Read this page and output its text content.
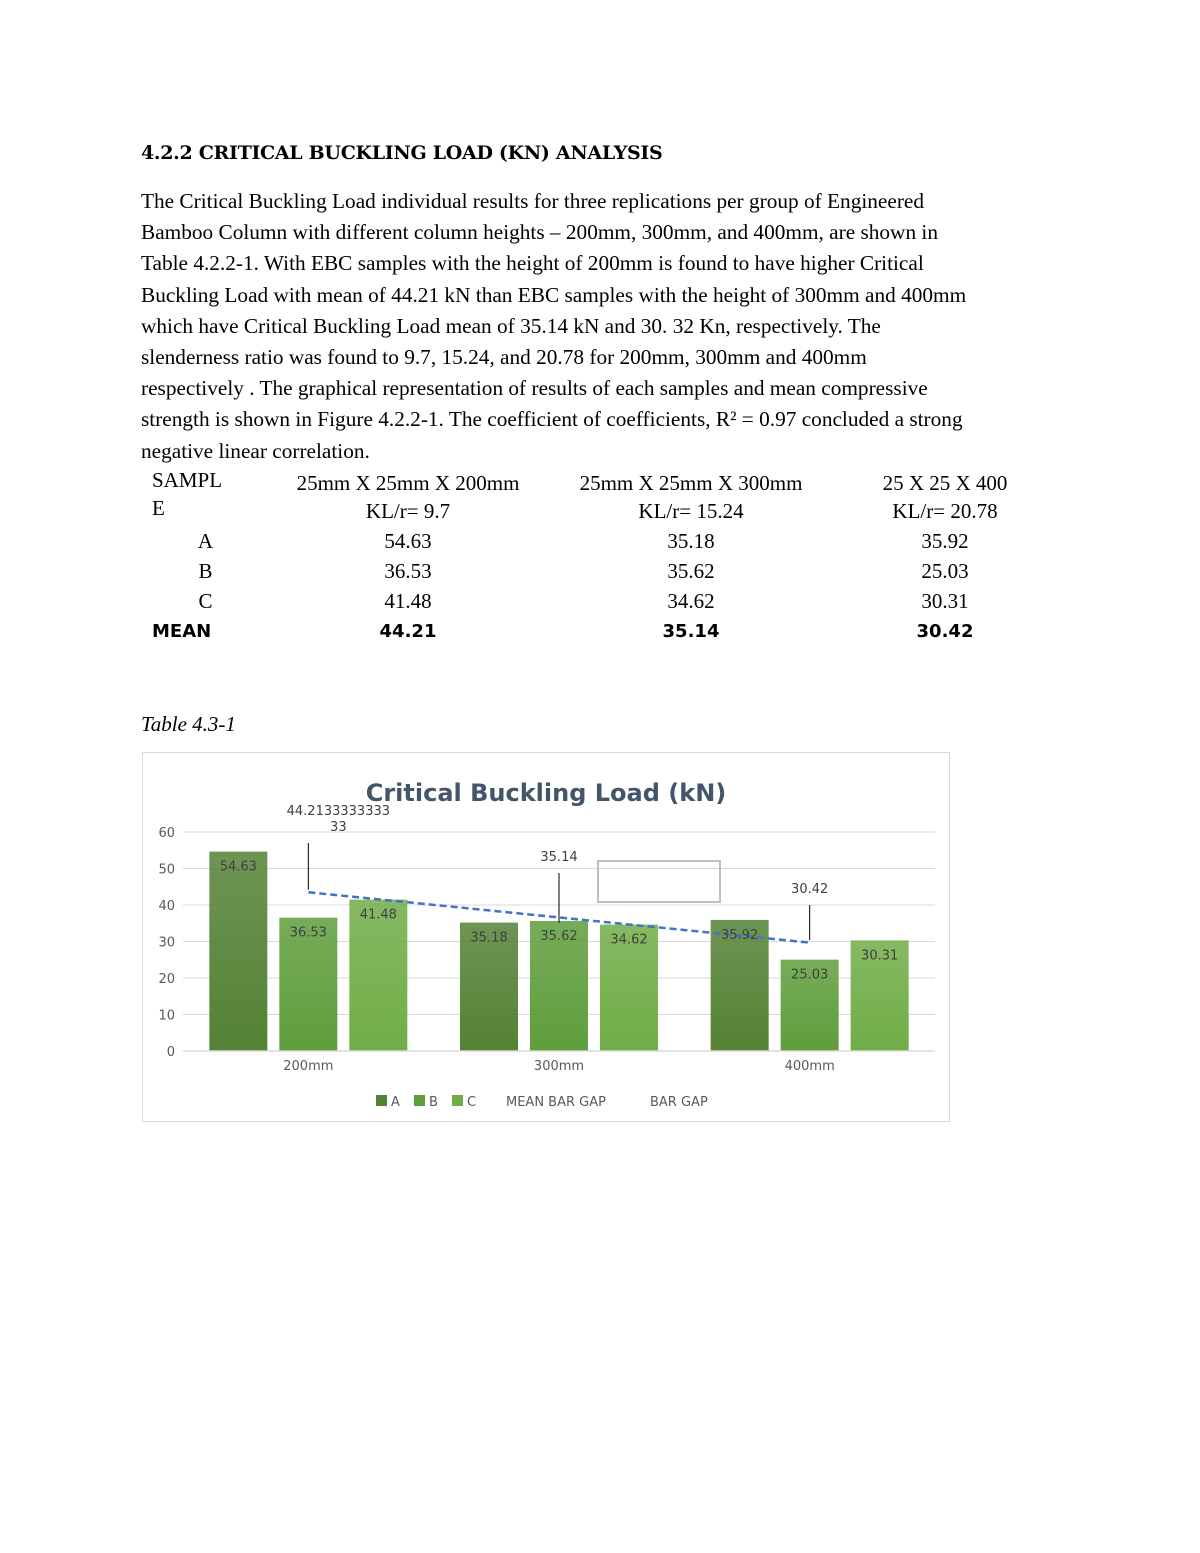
4.2.2 CRITICAL BUCKLING LOAD (KN) ANALYSIS

The Critical Buckling Load individual results for three replications per group of Engineered
Bamboo Column with different column heights – 200mm, 300mm, and 400mm, are shown in
Table 4.2.2-1. With EBC samples with the height of 200mm is found to have higher Critical
Buckling Load with mean of 44.21 kN than EBC samples with the height of 300mm and 400mm
which have Critical Buckling Load mean of 35.14 kN and 30. 32 Kn, respectively. The
slenderness ratio was found to 9.7, 15.24, and 20.78 for 200mm, 300mm and 400mm
respectively . The graphical representation of results of each samples and mean compressive
strength is shown in Figure 4.2.2-1. The coefficient of coefficients, R² = 0.97 concluded a strong
negative linear correlation.

SAMPL
E	25mm X 25mm X 200mm	25mm X 25mm X 300mm	25 X 25 X 400
	KL/r= 9.7	KL/r= 15.24	KL/r= 20.78
A	54.63	35.18	35.92
B	36.53	35.62	25.03
C	41.48	34.62	30.31
MEAN	44.21	35.14	30.42

Table 4.3-1

Critical Buckling Load (kN)
54.63
36.53
41.48
35.18	35.62	34.62	35.92
25.03
30.31
44.2133333333
33
35.14
30.42
0
10
20
30
40
50
60
200mm	300mm	400mm
A B C MEAN BAR GAP	BAR GAP
